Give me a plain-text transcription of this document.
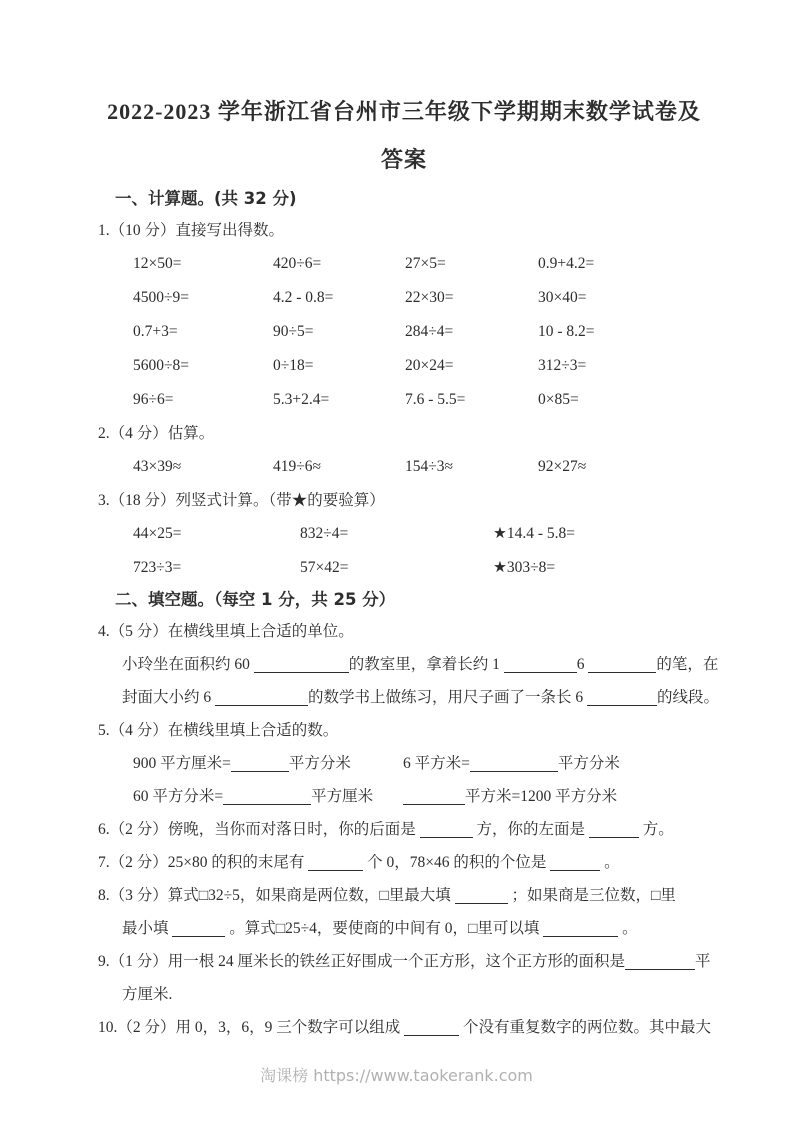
2022-2023 学年浙江省台州市三年级下学期期末数学试卷及
答案
一、计算题。(共 32 分)
1.（10 分）直接写出得数。
12×50=	420÷6=	27×5=	0.9+4.2=
4500÷9=	4.2 - 0.8=	22×30=	30×40=
0.7+3=	90÷5=	284÷4=	10 - 8.2=
5600÷8=	0÷18=	20×24=	312÷3=
96÷6=	5.3+2.4=	7.6 - 5.5=	0×85=
2.（4 分）估算。
43×39≈	419÷6≈	154÷3≈	92×27≈
3.（18 分）列竖式计算。（带★的要验算）
44×25=	832÷4=	★14.4 - 5.8=
723÷3=	57×42=	★303÷8=
二、填空题。（每空 1 分，共 25 分）
4.（5 分）在横线里填上合适的单位。
小玲坐在面积约 60	的教室里，拿着长约 1	6	的笔，在
封面大小约 6	的数学书上做练习，用尺子画了一条长 6	的线段。
5.（4 分）在横线里填上合适的数。
900 平方厘米=	平方分米	6 平方米=	平方分米
60 平方分米=	平方厘米	平方米=1200 平方分米
6.（2 分）傍晚，当你而对落日时，你的后面是	方，你的左面是	方。
7.（2 分）25×80 的积的末尾有	个 0，78×46 的积的个位是	。
8.（3 分）算式□32÷5，如果商是两位数，□里最大填	；如果商是三位数，□里
最小填	。算式□25÷4，要使商的中间有 0，□里可以填	。
9.（1 分）用一根 24 厘米长的铁丝正好围成一个正方形，这个正方形的面积是	平
方厘米.
10.（2 分）用 0，3，6，9 三个数字可以组成	个没有重复数字的两位数。其中最大
淘课榜 https://www.taokerank.com
